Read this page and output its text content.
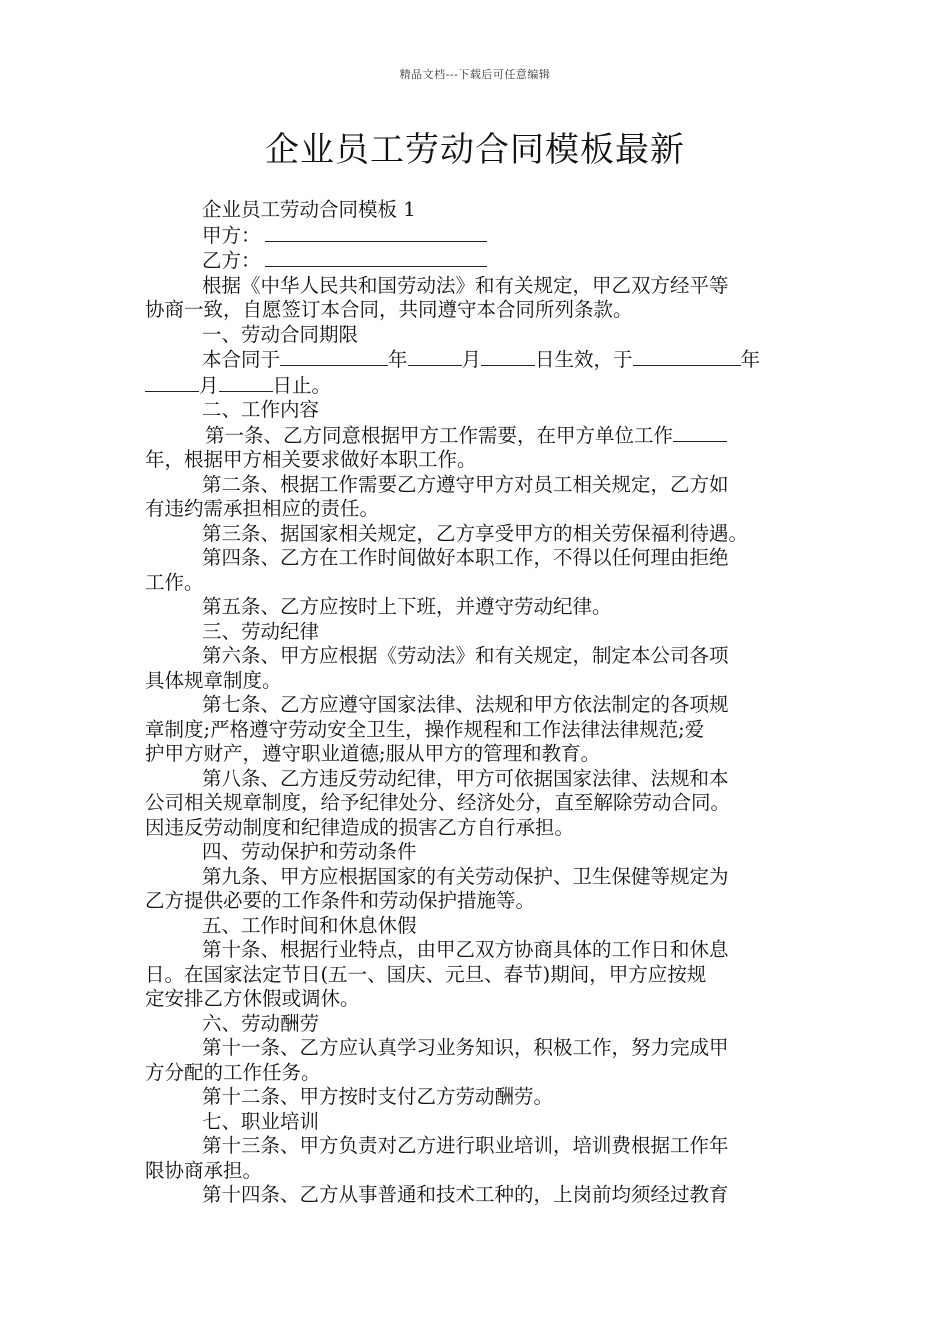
精品文档---下载后可任意编辑
企业员工劳动合同模板最新

企业员工劳动合同模板 1

甲方：

乙方：

根据《中华人民共和国劳动法》和有关规定，甲乙双方经平等

协商一致，自愿签订本合同，共同遵守本合同所列条款。

一、劳动合同期限

本合同于	年	月	日生效，于	年

月	日止。

二、工作内容

第一条、乙方同意根据甲方工作需要，在甲方单位工作

年，根据甲方相关要求做好本职工作。

第二条、根据工作需要乙方遵守甲方对员工相关规定，乙方如

有违约需承担相应的责任。

第三条、据国家相关规定，乙方享受甲方的相关劳保福利待遇。

第四条、乙方在工作时间做好本职工作，不得以任何理由拒绝

工作。

第五条、乙方应按时上下班，并遵守劳动纪律。

三、劳动纪律

第六条、甲方应根据《劳动法》和有关规定，制定本公司各项

具体规章制度。

第七条、乙方应遵守国家法律、法规和甲方依法制定的各项规

章制度;严格遵守劳动安全卫生，操作规程和工作法律法律规范;爱

护甲方财产，遵守职业道德;服从甲方的管理和教育。

第八条、乙方违反劳动纪律，甲方可依据国家法律、法规和本

公司相关规章制度，给予纪律处分、经济处分，直至解除劳动合同。

因违反劳动制度和纪律造成的损害乙方自行承担。

四、劳动保护和劳动条件

第九条、甲方应根据国家的有关劳动保护、卫生保健等规定为

乙方提供必要的工作条件和劳动保护措施等。

五、工作时间和休息休假

第十条、根据行业特点，由甲乙双方协商具体的工作日和休息

日。在国家法定节日(五一、国庆、元旦、春节)期间，甲方应按规

定安排乙方休假或调休。

六、劳动酬劳

第十一条、乙方应认真学习业务知识，积极工作，努力完成甲

方分配的工作任务。

第十二条、甲方按时支付乙方劳动酬劳。

七、职业培训

第十三条、甲方负责对乙方进行职业培训，培训费根据工作年

限协商承担。

第十四条、乙方从事普通和技术工种的，上岗前均须经过教育
